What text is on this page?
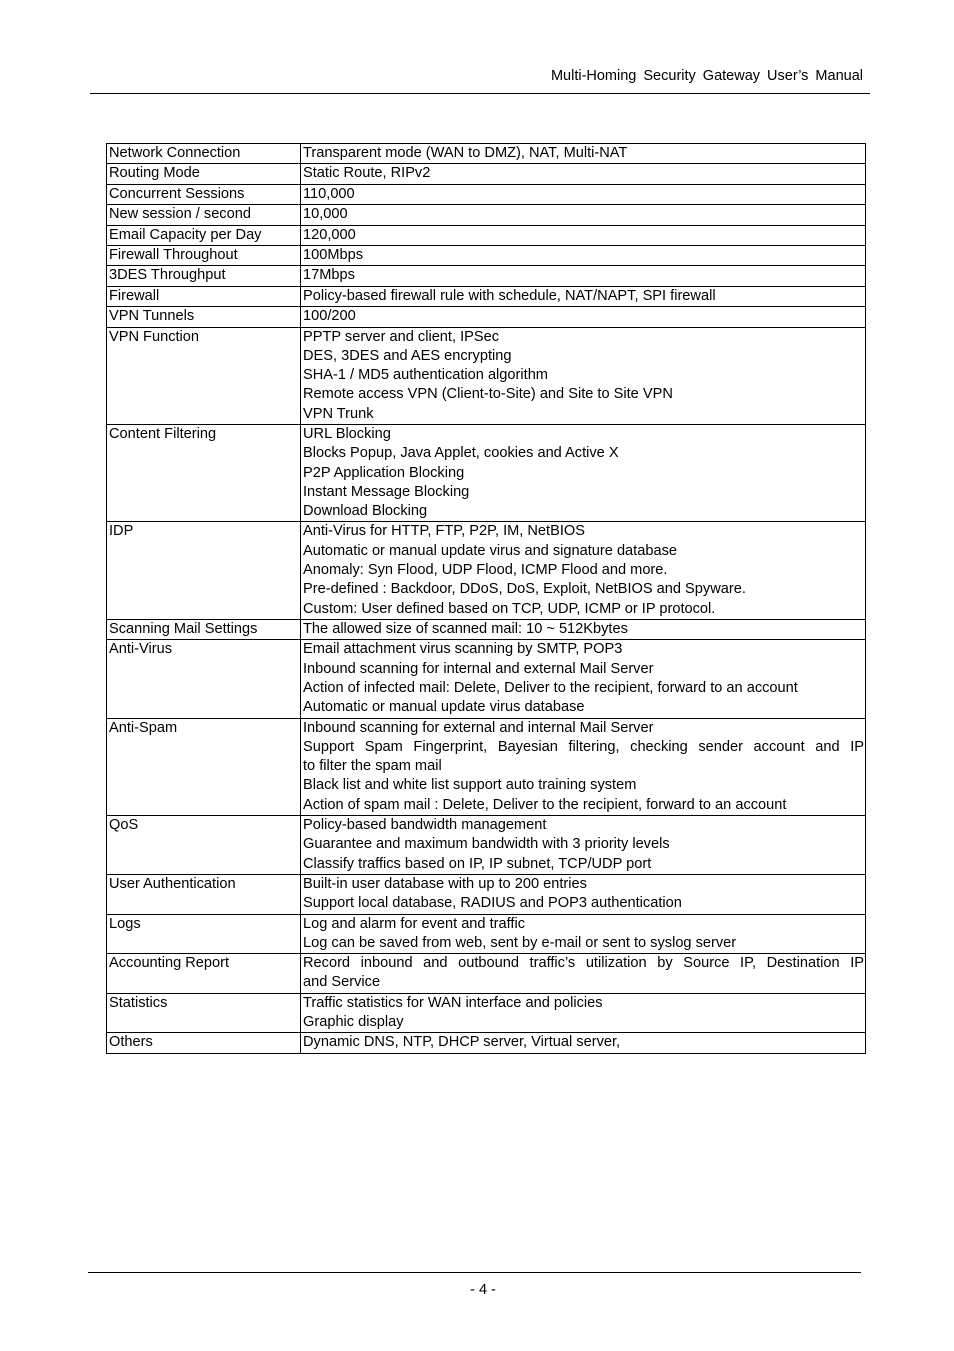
Multi-Homing Security Gateway User’s Manual
Network Connection	Transparent mode (WAN to DMZ), NAT, Multi-NAT

Routing Mode	Static Route, RIPv2

Concurrent Sessions	110,000

New session / second	10,000

Email Capacity per Day	120,000

Firewall Throughout	100Mbps

3DES Throughput	17Mbps

Firewall	Policy-based firewall rule with schedule, NAT/NAPT, SPI firewall

VPN Tunnels	100/200

VPN Function	PPTP server and client, IPSec
DES, 3DES and AES encrypting
SHA-1 / MD5 authentication algorithm
Remote access VPN (Client-to-Site) and Site to Site VPN
VPN Trunk

Content Filtering	URL Blocking
Blocks Popup, Java Applet, cookies and Active X
P2P Application Blocking
Instant Message Blocking
Download Blocking

IDP	Anti-Virus for HTTP, FTP, P2P, IM, NetBIOS
Automatic or manual update virus and signature database
Anomaly: Syn Flood, UDP Flood, ICMP Flood and more.
Pre-defined : Backdoor, DDoS, DoS, Exploit, NetBIOS and Spyware.
Custom: User defined based on TCP, UDP, ICMP or IP protocol.

Scanning Mail Settings	The allowed size of scanned mail: 10 ~ 512Kbytes

Anti-Virus	Email attachment virus scanning by SMTP, POP3
Inbound scanning for internal and external Mail Server
Action of infected mail: Delete, Deliver to the recipient, forward to an account
Automatic or manual update virus database

Anti-Spam	Inbound scanning for external and internal Mail Server
Support Spam Fingerprint, Bayesian filtering, checking sender account and IP
to filter the spam mail
Black list and white list support auto training system
Action of spam mail : Delete, Deliver to the recipient, forward to an account

QoS	Policy-based bandwidth management
Guarantee and maximum bandwidth with 3 priority levels
Classify traffics based on IP, IP subnet, TCP/UDP port

User Authentication	Built-in user database with up to 200 entries
Support local database, RADIUS and POP3 authentication

Logs	Log and alarm for event and traffic
Log can be saved from web, sent by e-mail or sent to syslog server

Accounting Report	Record inbound and outbound traffic’s utilization by Source IP, Destination IP
and Service

Statistics	Traffic statistics for WAN interface and policies
Graphic display

Others	Dynamic DNS, NTP, DHCP server, Virtual server,
- 4 -
